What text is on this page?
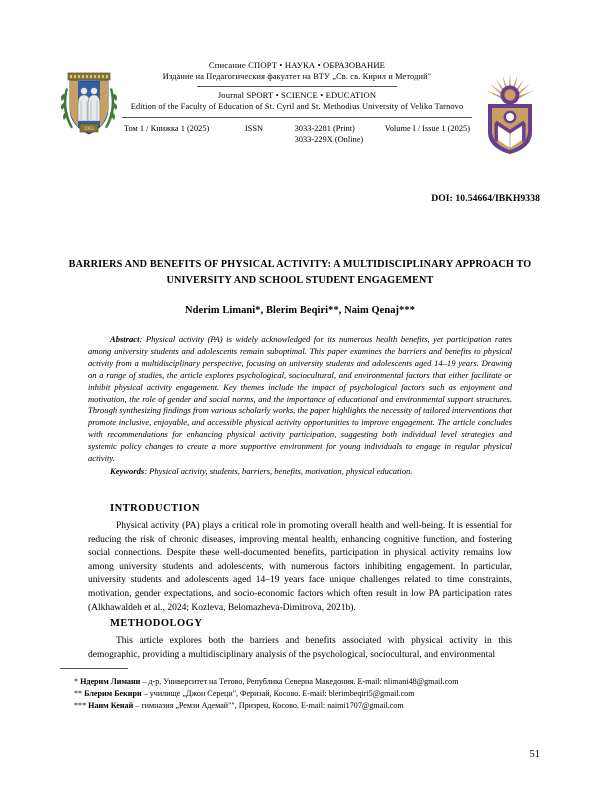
1963
Списание СПОРТ • НАУКА • ОБРАЗОВАНИЕ
Издание на Педагогическия факултет на ВТУ „Св. св. Кирил и Методий"
Journal SPORT • SCIENCE • EDUCATION
Edition of the Faculty of Education of St. Cyril and St. Methodius University of Veliko Tarnovo
Том 1 / Книжка 1 (2025)	ISSN	3033-2281 (Print)
3033-229X (Online)
Volume I / Issue 1 (2025)
DOI: 10.54664/IBKH9338
BARRIERS AND BENEFITS OF PHYSICAL ACTIVITY: A MULTIDISCIPLINARY APPROACH TO UNIVERSITY AND SCHOOL STUDENT ENGAGEMENT
Nderim Limani*, Blerim Beqiri**, Naim Qenaj***
Abstract: Physical activity (PA) is widely acknowledged for its numerous health benefits, yet participation rates among university students and adolescents remain suboptimal. This paper examines the barriers and benefits to physical activity from a multidisciplinary perspective, focusing on university students and adolescents aged 14–19 years. Drawing on a range of studies, the article explores psychological, sociocultural, and environmental factors that either facilitate or inhibit physical activity engagement. Key themes include the impact of psychological factors such as enjoyment and motivation, the role of gender and social norms, and the importance of educational and environmental support structures. Through synthesizing findings from various scholarly works, the paper highlights the necessity of tailored interventions that promote inclusive, enjoyable, and accessible physical activity opportunities to improve engagement. The article concludes with recommendations for enhancing physical activity participation, suggesting both individual level strategies and systemic policy changes to create a more supportive environment for young individuals to engage in regular physical activity.
Keywords: Physical activity, students, barriers, benefits, motivation, physical education.
INTRODUCTION
Physical activity (PA) plays a critical role in promoting overall health and well-being. It is essential for reducing the risk of chronic diseases, improving mental health, enhancing cognitive function, and fostering social connections. Despite these well-documented benefits, participation in physical activity remains low among university students and adolescents, with numerous factors inhibiting engagement. In particular, university students and adolescents aged 14–19 years face unique challenges related to time constraints, motivation, gender expectations, and socio-economic factors which often result in low PA participation rates (Alkhawaldeh et al., 2024; Kozleva, Belomazheva-Dimitrova, 2021b).
METHODOLOGY
This article explores both the barriers and benefits associated with physical activity in this demographic, providing a multidisciplinary analysis of the psychological, sociocultural, and environmental
* Ндерим Лимани – д-р, Университет на Тетово, Република Северна Македония. E-mail: nlimani48@gmail.com
** Блерим Бекири – училище „Джон Сереци", Феризай, Косово. E-mail: blerimbeqiri5@gmail.com
*** Наим Кенай – гимназия „Ремзи Адемай"", Призрен, Косово. E-mail: naimi1707@gmail.com
51
